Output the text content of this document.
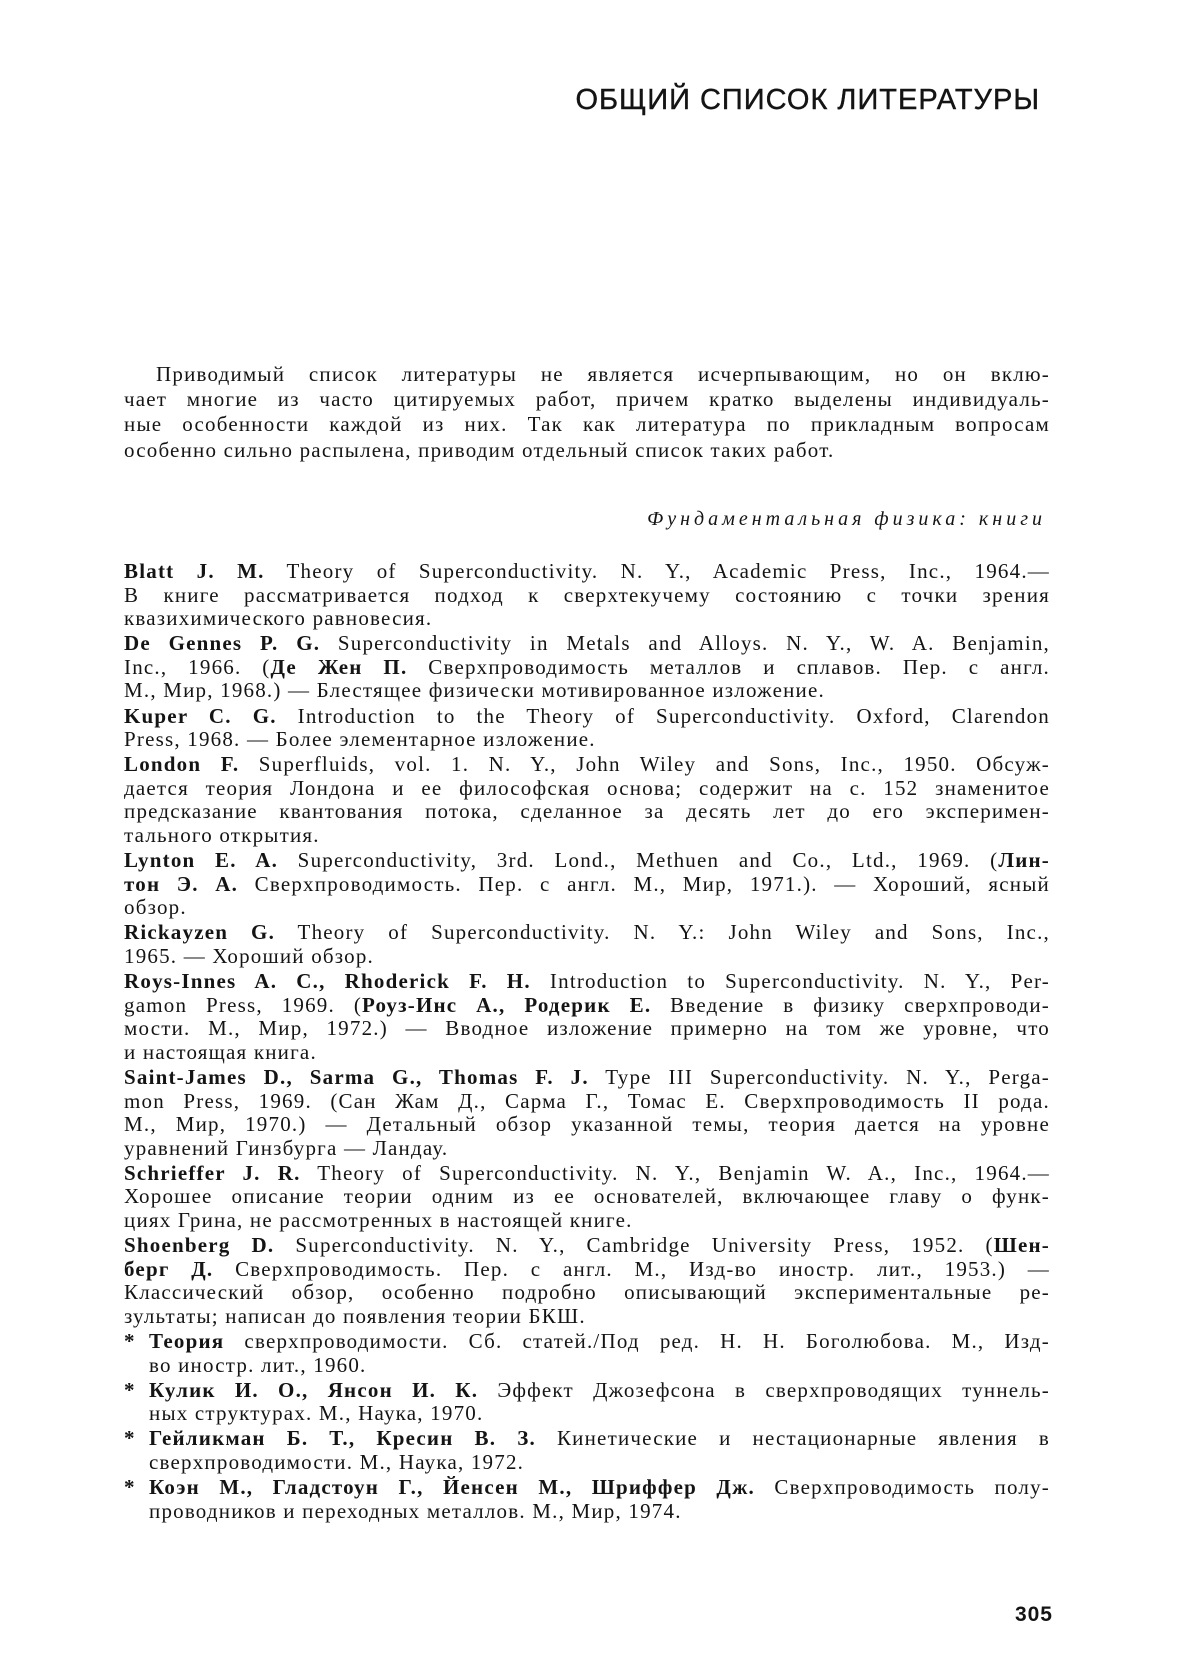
ОБЩИЙ СПИСОК ЛИТЕРАТУРЫ
Приводимый список литературы не является исчерпывающим, но он вклю-
чает многие из часто цитируемых работ, причем кратко выделены индивидуаль-
ные особенности каждой из них. Так как литература по прикладным вопросам
особенно сильно распылена, приводим отдельный список таких работ.
Фундаментальная физика: книги
Blatt J. M. Theory of Superconductivity. N. Y., Academic Press, Inc., 1964.—
В книге рассматривается подход к сверхтекучему состоянию с точки зрения
квазихимического равновесия.
De Gennes P. G. Superconductivity in Metals and Alloys. N. Y., W. A. Benjamin,
Inc., 1966. (Де Жен П. Сверхпроводимость металлов и сплавов. Пер. с англ.
М., Мир, 1968.) — Блестящее физически мотивированное изложение.
Kuper C. G. Introduction to the Theory of Superconductivity. Oxford, Clarendon
Press, 1968. — Более элементарное изложение.
London F. Superfluids, vol. 1. N. Y., John Wiley and Sons, Inc., 1950. Обсуж-
дается теория Лондона и ее философская основа; содержит на с. 152 знаменитое
предсказание квантования потока, сделанное за десять лет до его эксперимен-
тального открытия.
Lynton E. A. Superconductivity, 3rd. Lond., Methuen and Co., Ltd., 1969. (Лин-
тон Э. А. Сверхпроводимость. Пер. с англ. М., Мир, 1971.). — Хороший, ясный
обзор.
Rickayzen G. Theory of Superconductivity. N. Y.: John Wiley and Sons, Inc.,
1965. — Хороший обзор.
Roys-Innes A. C., Rhoderick F. H. Introduction to Superconductivity. N. Y., Per-
gamon Press, 1969. (Роуз-Инс А., Родерик Е. Введение в физику сверхпроводи-
мости. М., Мир, 1972.) — Вводное изложение примерно на том же уровне, что
и настоящая книга.
Saint-James D., Sarma G., Thomas F. J. Type III Superconductivity. N. Y., Perga-
mon Press, 1969. (Сан Жам Д., Сарма Г., Томас Е. Сверхпроводимость II рода.
М., Мир, 1970.) — Детальный обзор указанной темы, теория дается на уровне
уравнений Гинзбурга — Ландау.
Schrieffer J. R. Theory of Superconductivity. N. Y., Benjamin W. A., Inc., 1964.—
Хорошее описание теории одним из ее основателей, включающее главу о функ-
циях Грина, не рассмотренных в настоящей книге.
Shoenberg D. Superconductivity. N. Y., Cambridge University Press, 1952. (Шен-
берг Д. Сверхпроводимость. Пер. с англ. М., Изд-во иностр. лит., 1953.) —
Классический обзор, особенно подробно описывающий экспериментальные ре-
зультаты; написан до появления теории БКШ.
* Теория сверхпроводимости. Сб. статей./Под ред. Н. Н. Боголюбова. М., Изд-
во иностр. лит., 1960.
* Кулик И. О., Янсон И. К. Эффект Джозефсона в сверхпроводящих туннель-
ных структурах. М., Наука, 1970.
* Гейликман Б. Т., Кресин В. З. Кинетические и нестационарные явления в
сверхпроводимости. М., Наука, 1972.
* Коэн М., Гладстоун Г., Йенсен М., Шриффер Дж. Сверхпроводимость полу-
проводников и переходных металлов. М., Мир, 1974.
305
